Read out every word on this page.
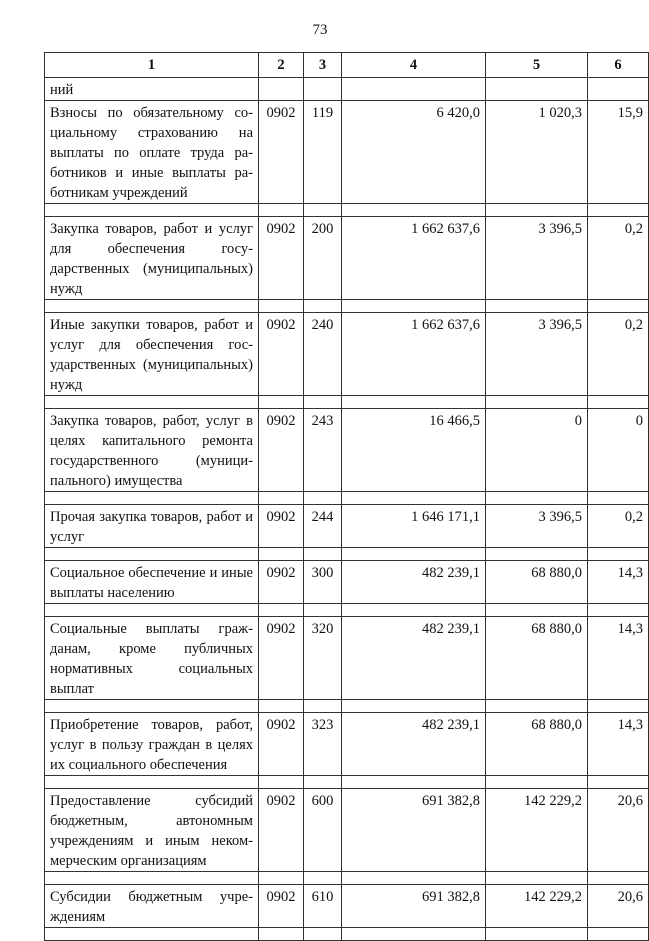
73
1	2	3	4	5	6
ний					
Взносы по обязательному социальному страхованию на выплаты по оплате труда работников и иные выплаты работникам учреждений	0902	119	6 420,0	1 020,3	15,9

Закупка товаров, работ и услуг для обеспечения государственных (муниципальных) нужд	0902	200	1 662 637,6	3 396,5	0,2

Иные закупки товаров, работ и услуг для обеспечения государственных (муниципальных) нужд	0902	240	1 662 637,6	3 396,5	0,2

Закупка товаров, работ, услуг в целях капитального ремонта государственного (муниципального) имущества	0902	243	16 466,5	0	0

Прочая закупка товаров, работ и услуг	0902	244	1 646 171,1	3 396,5	0,2

Социальное обеспечение и иные выплаты населению	0902	300	482 239,1	68 880,0	14,3

Социальные выплаты гражданам, кроме публичных нормативных социальных выплат	0902	320	482 239,1	68 880,0	14,3

Приобретение товаров, работ, услуг в пользу граждан в целях их социального обеспечения	0902	323	482 239,1	68 880,0	14,3

Предоставление субсидий бюджетным, автономным учреждениям и иным некоммерческим организациям	0902	600	691 382,8	142 229,2	20,6

Субсидии бюджетным учреждениям	0902	610	691 382,8	142 229,2	20,6
